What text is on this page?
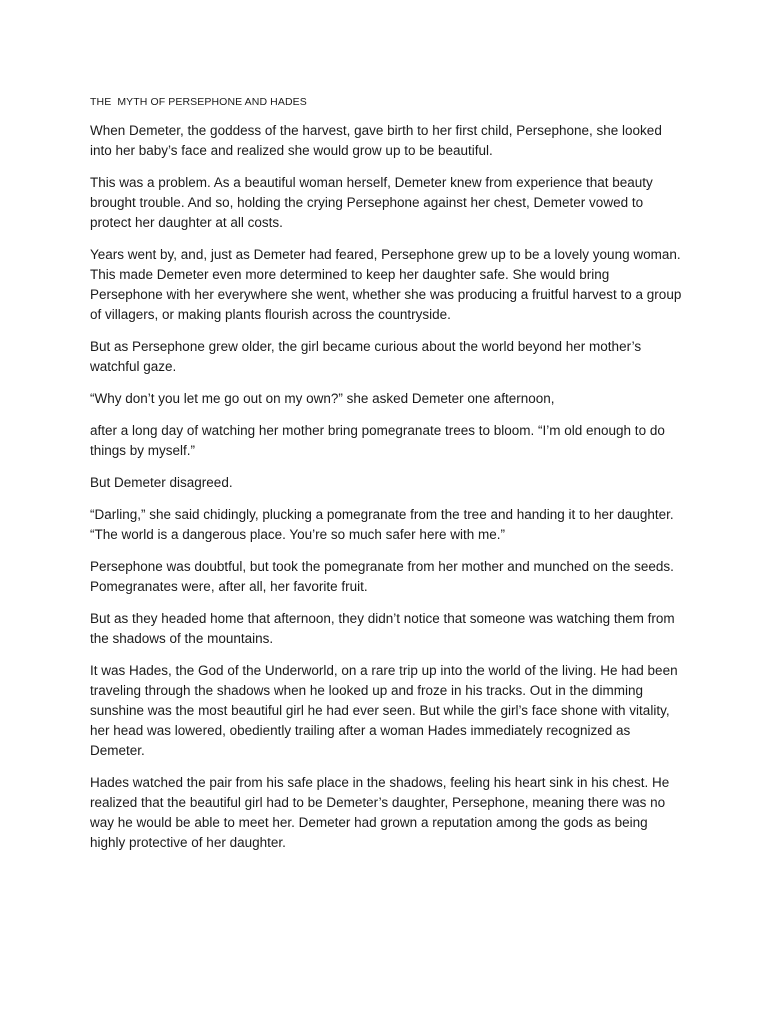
THE  MYTH OF PERSEPHONE AND HADES

When Demeter, the goddess of the harvest, gave birth to her first child, Persephone, she looked into her baby’s face and realized she would grow up to be beautiful.

This was a problem. As a beautiful woman herself, Demeter knew from experience that beauty brought trouble. And so, holding the crying Persephone against her chest, Demeter vowed to protect her daughter at all costs.

Years went by, and, just as Demeter had feared, Persephone grew up to be a lovely young woman. This made Demeter even more determined to keep her daughter safe. She would bring Persephone with her everywhere she went, whether she was producing a fruitful harvest to a group of villagers, or making plants flourish across the countryside.

But as Persephone grew older, the girl became curious about the world beyond her mother’s watchful gaze.

“Why don’t you let me go out on my own?” she asked Demeter one afternoon,

after a long day of watching her mother bring pomegranate trees to bloom. “I’m old enough to do things by myself.”

But Demeter disagreed.

“Darling,” she said chidingly, plucking a pomegranate from the tree and handing it to her daughter. “The world is a dangerous place. You’re so much safer here with me.”

Persephone was doubtful, but took the pomegranate from her mother and munched on the seeds. Pomegranates were, after all, her favorite fruit.

But as they headed home that afternoon, they didn’t notice that someone was watching them from the shadows of the mountains.

It was Hades, the God of the Underworld, on a rare trip up into the world of the living. He had been traveling through the shadows when he looked up and froze in his tracks. Out in the dimming sunshine was the most beautiful girl he had ever seen. But while the girl’s face shone with vitality, her head was lowered, obediently trailing after a woman Hades immediately recognized as Demeter.

Hades watched the pair from his safe place in the shadows, feeling his heart sink in his chest. He realized that the beautiful girl had to be Demeter’s daughter, Persephone, meaning there was no way he would be able to meet her. Demeter had grown a reputation among the gods as being highly protective of her daughter.
